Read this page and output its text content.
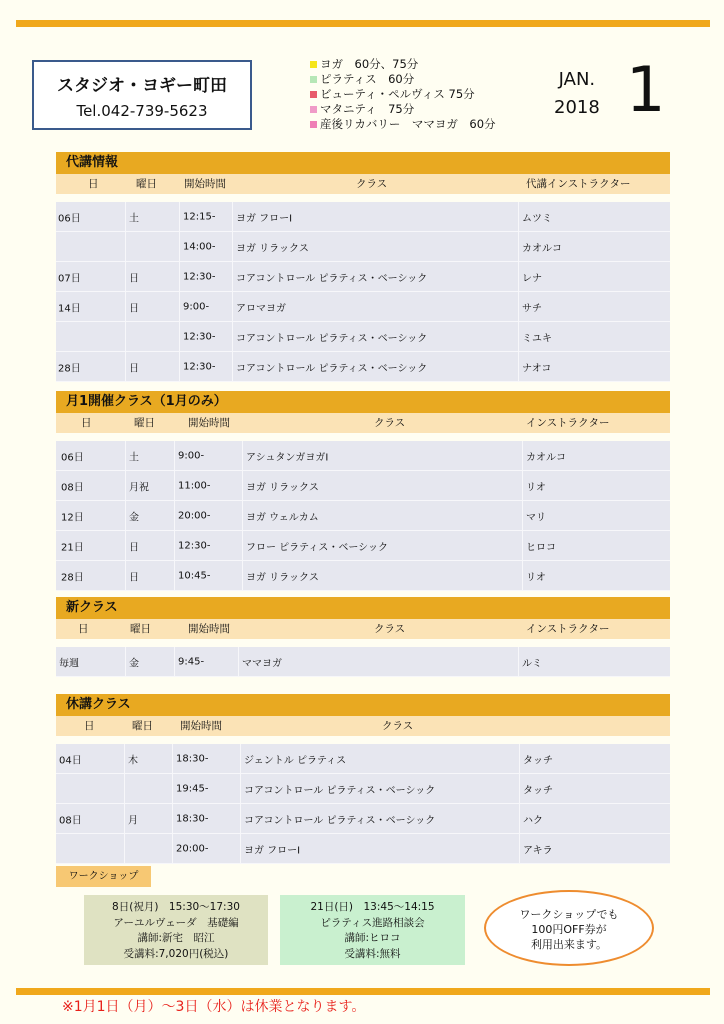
スタジオ・ヨギー町田
Tel.042-739-5623
ヨガ　60分、75分
ピラティス　60分
ビューティ・ペルヴィス 75分
マタニティ　75分
産後リカバリー　ママヨガ　60分
JAN.
2018 1
代講情報
日	曜日	開始時間	クラス	代講インストラクター
06日	土	12:15- ヨガ フローⅠ	ムツミ
14:00- ヨガ リラックス	カオルコ
07日	日	12:30- コアコントロール ピラティス・ベーシック	レナ
14日	日	9:00-	アロマヨガ	サチ
12:30- コアコントロール ピラティス・ベーシック	ミユキ
28日	日	12:30- コアコントロール ピラティス・ベーシック	ナオコ
月1開催クラス（1月のみ）
日	曜日	開始時間	クラス	インストラクター
06日	土	9:00-	アシュタンガヨガⅠ	カオルコ
08日	月祝	11:00-	ヨガ リラックス	リオ
12日	金	20:00-	ヨガ ウェルカム	マリ
21日	日	12:30-	フロー ピラティス・ベーシック	ヒロコ
28日	日	10:45-	ヨガ リラックス	リオ
新クラス
日	曜日	開始時間	クラス	インストラクター
毎週	金	9:45-	ママヨガ	ルミ
休講クラス
日	曜日	開始時間	クラス
04日	木	18:30-	ジェントル ピラティス	タッチ
19:45-	コアコントロール ピラティス・ベーシック	タッチ
08日	月	18:30-	コアコントロール ピラティス・ベーシック	ハク
20:00-	ヨガ フローⅠ	アキラ
ワークショップ
8日(祝月)　15:30～17:30
アーユルヴェーダ　基礎編
講師:新宅　昭江
受講料:7,020円(税込)
21日(日)　13:45～14:15
ピラティス進路相談会
講師:ヒロコ
受講料:無料
ワークショップでも
100円OFF券が
利用出来ます。
※1月1日（月）～3日（水）は休業となります。
